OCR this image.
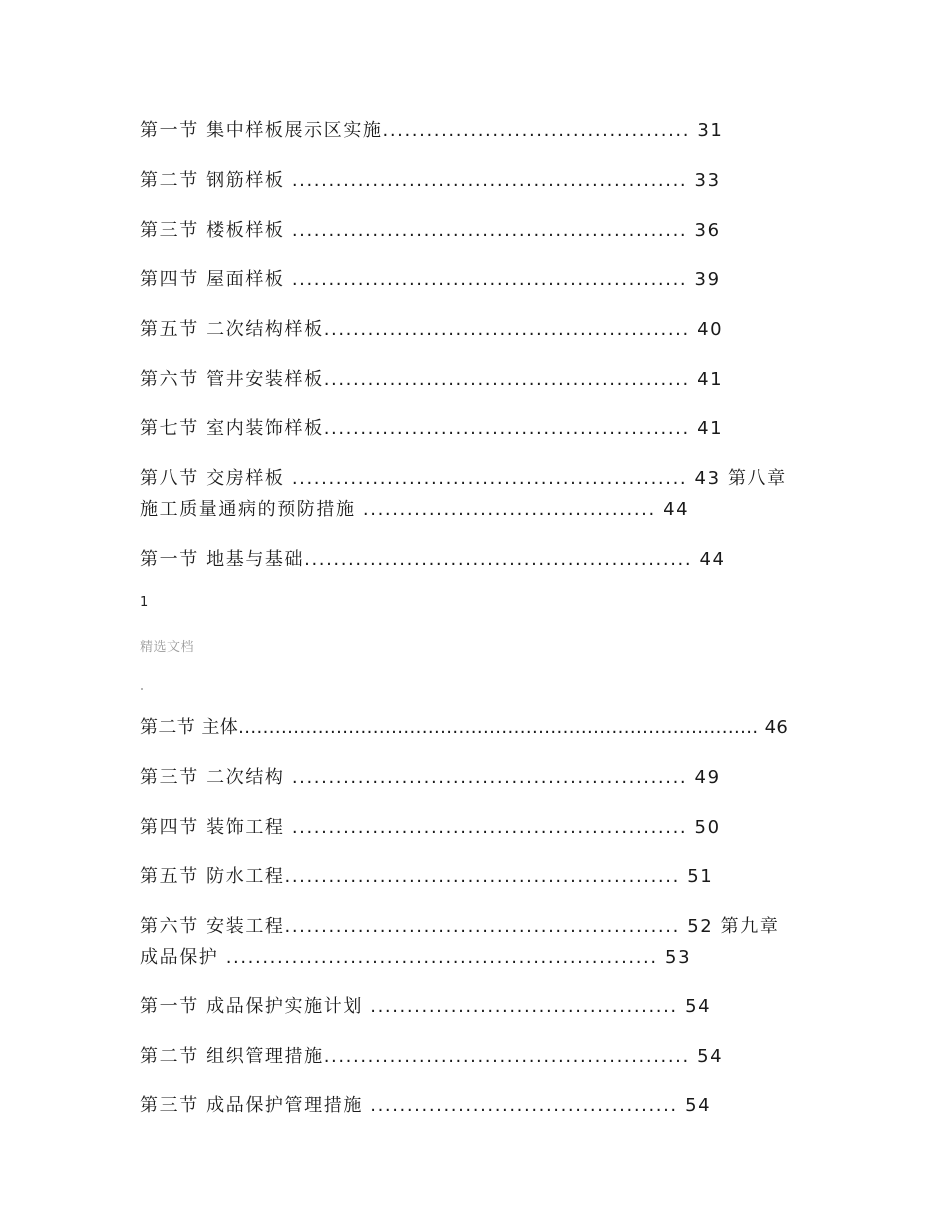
第一节 集中样板展示区实施.......................................... 31
第二节 钢筋样板 ...................................................... 33
第三节 楼板样板 ...................................................... 36
第四节 屋面样板 ...................................................... 39
第五节 二次结构样板.................................................. 40
第六节 管井安装样板.................................................. 41
第七节 室内装饰样板.................................................. 41
第八节 交房样板 ...................................................... 43 第八章
施工质量通病的预防措施 ........................................ 44
第一节 地基与基础..................................................... 44
1
精选文档
第二节 主体..................................................................................... 46
第三节 二次结构 ...................................................... 49
第四节 装饰工程 ...................................................... 50
第五节 防水工程...................................................... 51
第六节 安装工程...................................................... 52 第九章
成品保护 ........................................................... 53
第一节 成品保护实施计划 .......................................... 54
第二节 组织管理措施.................................................. 54
第三节 成品保护管理措施 .......................................... 54
